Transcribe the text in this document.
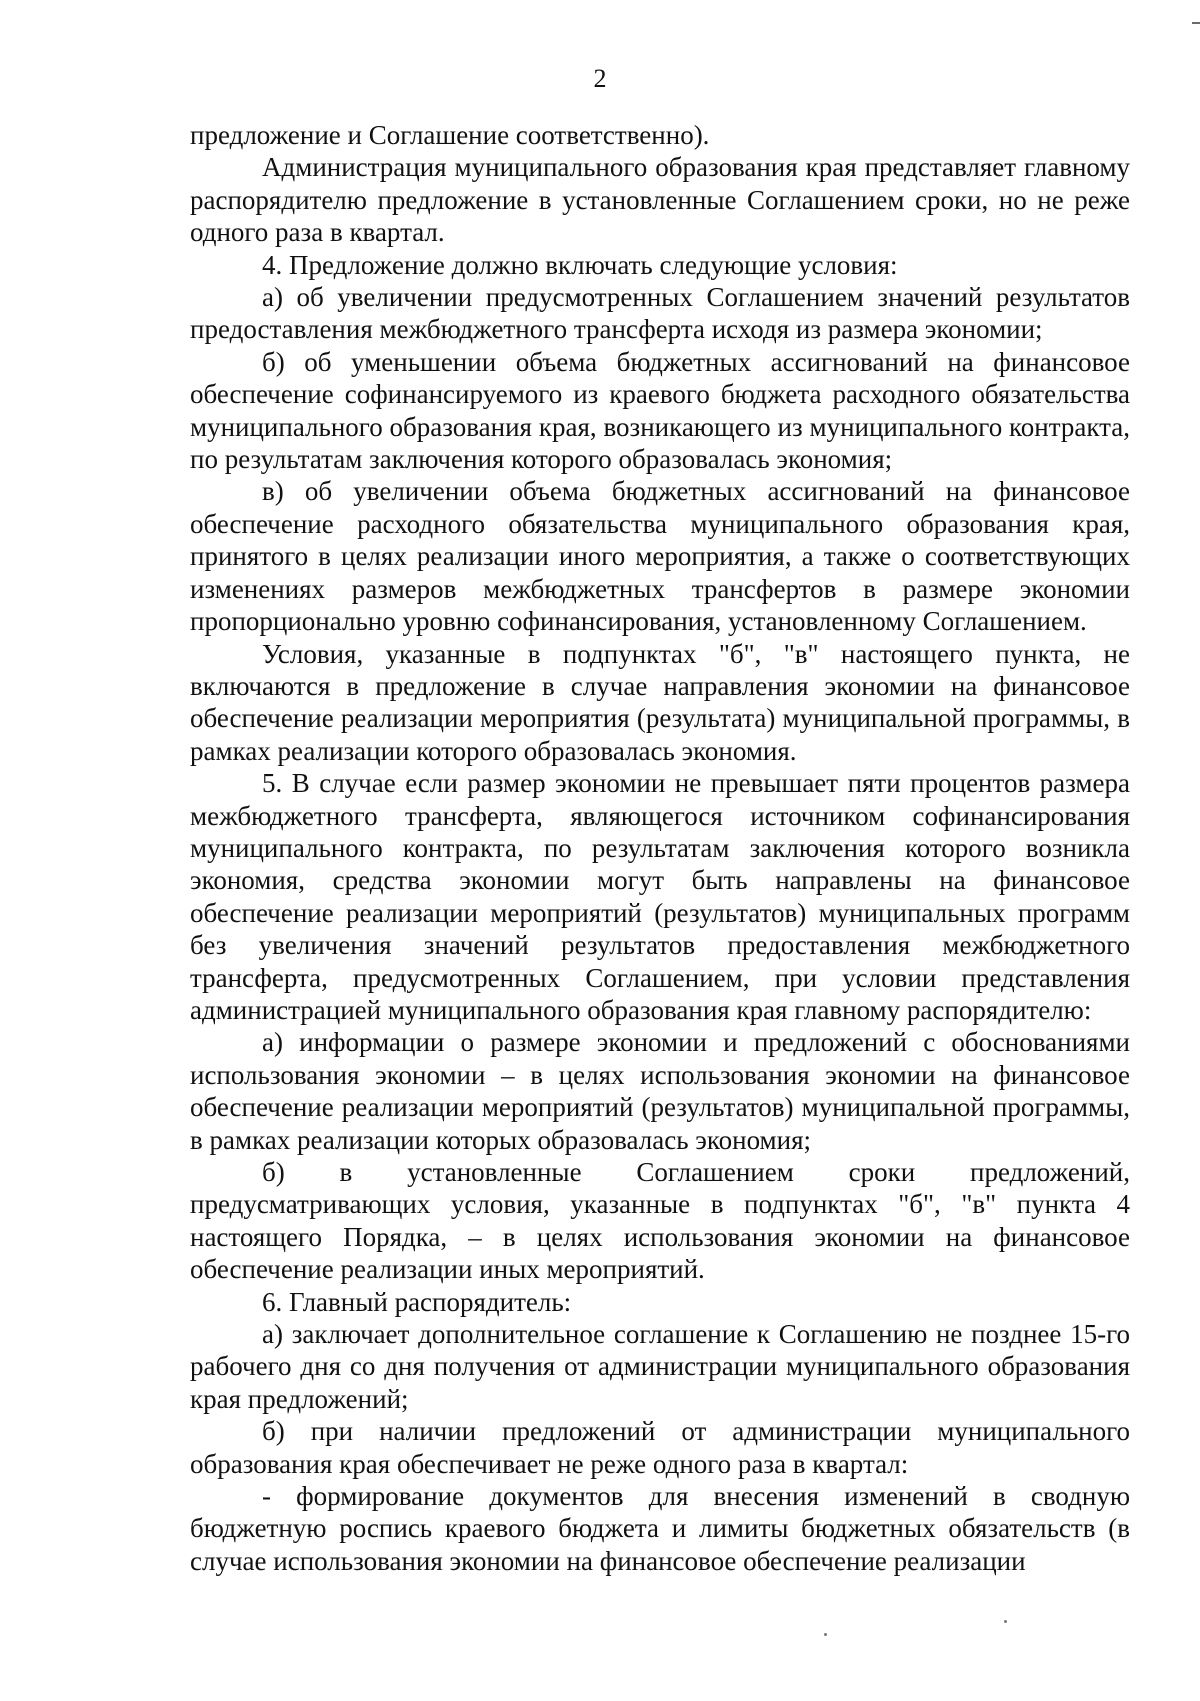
2

предложение и Соглашение соответственно).

Администрация муниципального образования края представляет главному распорядителю предложение в установленные Соглашением сроки, но не реже одного раза в квартал.

4. Предложение должно включать следующие условия:

а) об увеличении предусмотренных Соглашением значений результатов предоставления межбюджетного трансферта исходя из размера экономии;

б) об уменьшении объема бюджетных ассигнований на финансовое обеспечение софинансируемого из краевого бюджета расходного обязательства муниципального образования края, возникающего из муниципального контракта, по результатам заключения которого образовалась экономия;

в) об увеличении объема бюджетных ассигнований на финансовое обеспечение расходного обязательства муниципального образования края, принятого в целях реализации иного мероприятия, а также о соответствующих изменениях размеров межбюджетных трансфертов в размере экономии пропорционально уровню софинансирования, установленному Соглашением.

Условия, указанные в подпунктах "б", "в" настоящего пункта, не включаются в предложение в случае направления экономии на финансовое обеспечение реализации мероприятия (результата) муниципальной программы, в рамках реализации которого образовалась экономия.

5. В случае если размер экономии не превышает пяти процентов размера межбюджетного трансферта, являющегося источником софинансирования муниципального контракта, по результатам заключения которого возникла экономия, средства экономии могут быть направлены на финансовое обеспечение реализации мероприятий (результатов) муниципальных программ без увеличения значений результатов предоставления межбюджетного трансферта, предусмотренных Соглашением, при условии представления администрацией муниципального образования края главному распорядителю:

а) информации о размере экономии и предложений с обоснованиями использования экономии – в целях использования экономии на финансовое обеспечение реализации мероприятий (результатов) муниципальной программы, в рамках реализации которых образовалась экономия;

б) в установленные Соглашением сроки предложений, предусматривающих условия, указанные в подпунктах "б", "в" пункта 4 настоящего Порядка, – в целях использования экономии на финансовое обеспечение реализации иных мероприятий.

6. Главный распорядитель:

а) заключает дополнительное соглашение к Соглашению не позднее 15-го рабочего дня со дня получения от администрации муниципального образования края предложений;

б) при наличии предложений от администрации муниципального образования края обеспечивает не реже одного раза в квартал:

- формирование документов для внесения изменений в сводную бюджетную роспись краевого бюджета и лимиты бюджетных обязательств (в случае использования экономии на финансовое обеспечение реализации
